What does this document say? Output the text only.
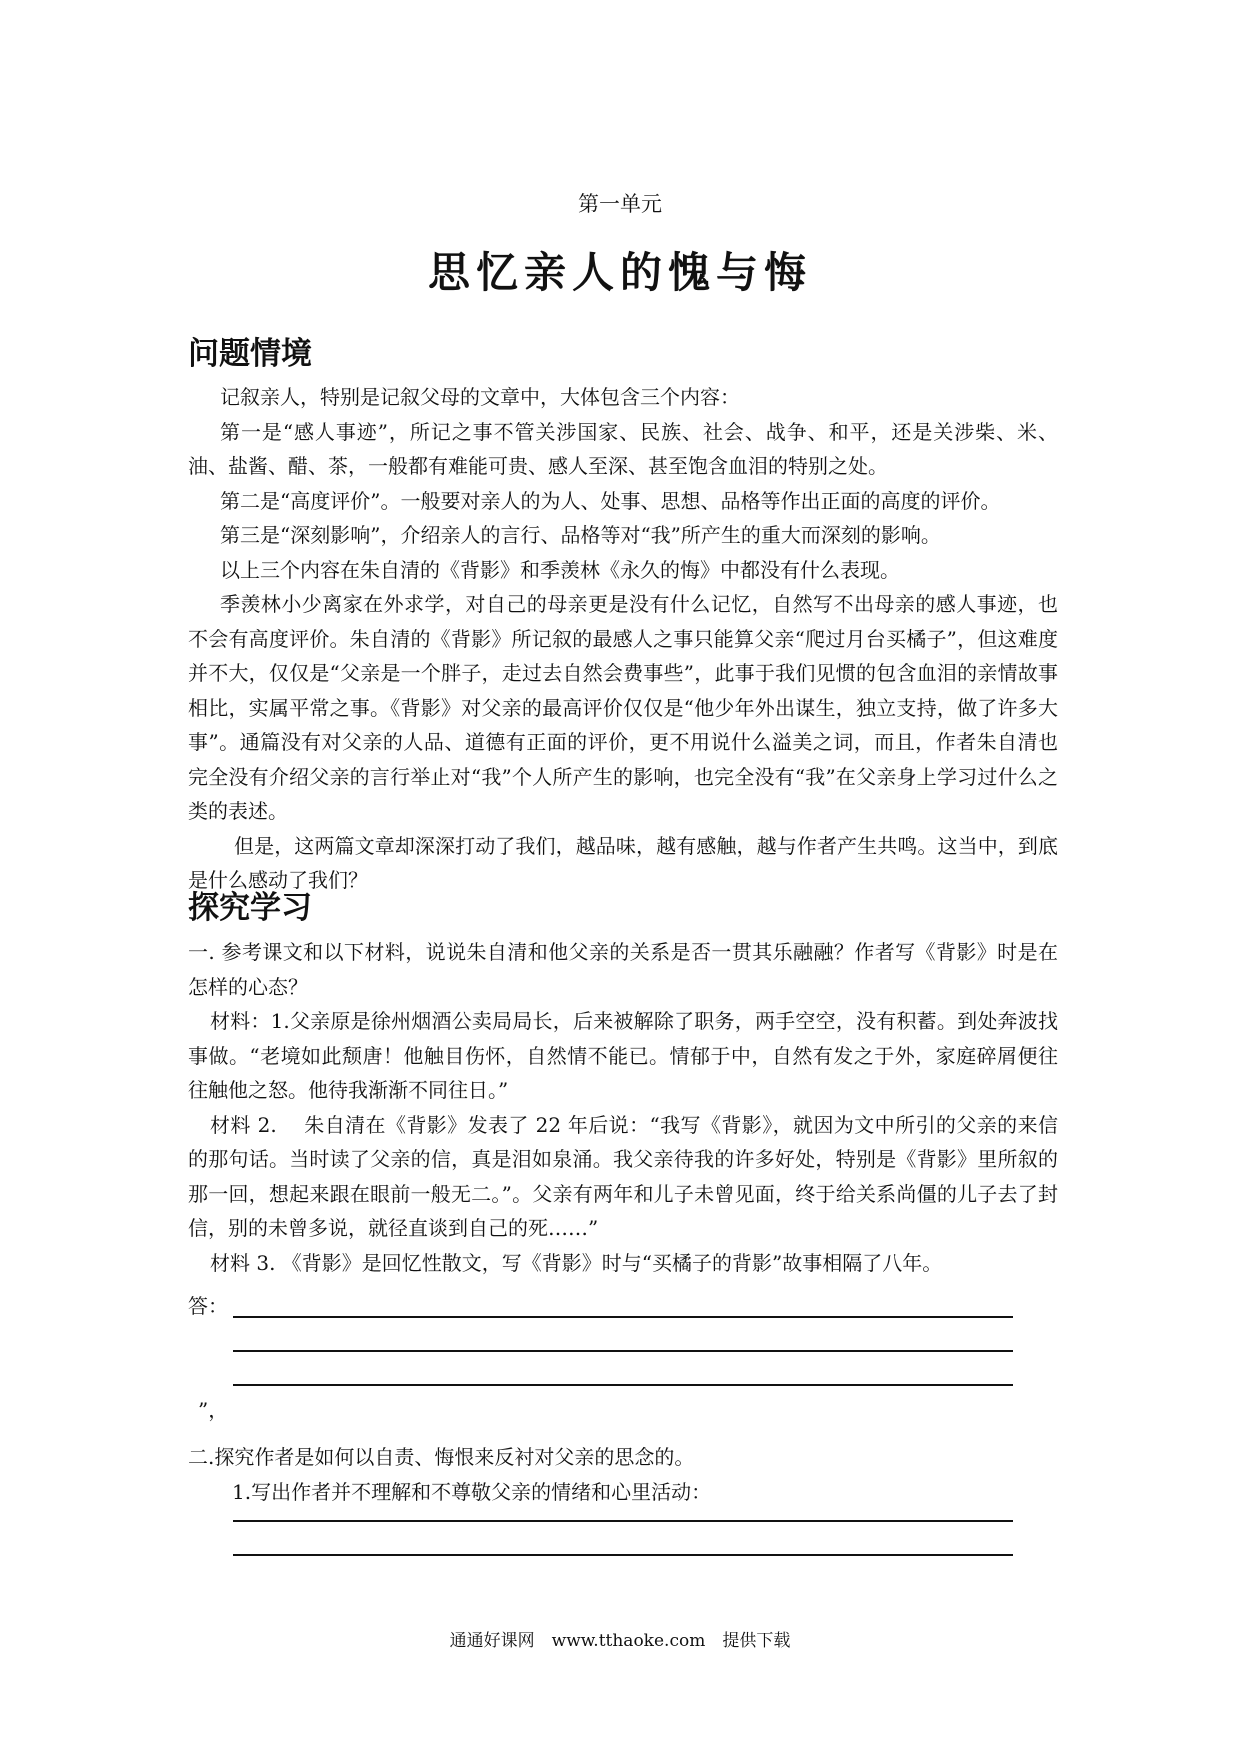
第一单元
思忆亲人的愧与悔
问题情境

记叙亲人，特别是记叙父母的文章中，大体包含三个内容：

第一是“感人事迹”，所记之事不管关涉国家、民族、社会、战争、和平，还是关涉柴、米、油、盐酱、醋、茶，一般都有难能可贵、感人至深、甚至饱含血泪的特别之处。

第二是“高度评价”。一般要对亲人的为人、处事、思想、品格等作出正面的高度的评价。

第三是“深刻影响”，介绍亲人的言行、品格等对“我”所产生的重大而深刻的影响。

以上三个内容在朱自清的《背影》和季羡林《永久的悔》中都没有什么表现。

季羡林小少离家在外求学，对自己的母亲更是没有什么记忆，自然写不出母亲的感人事迹，也不会有高度评价。朱自清的《背影》所记叙的最感人之事只能算父亲“爬过月台买橘子”，但这难度并不大，仅仅是“父亲是一个胖子，走过去自然会费事些”，此事于我们见惯的包含血泪的亲情故事相比，实属平常之事。《背影》对父亲的最高评价仅仅是“他少年外出谋生，独立支持，做了许多大事”。通篇没有对父亲的人品、道德有正面的评价，更不用说什么溢美之词，而且，作者朱自清也完全没有介绍父亲的言行举止对“我”个人所产生的影响，也完全没有“我”在父亲身上学习过什么之类的表述。

但是，这两篇文章却深深打动了我们，越品味，越有感触，越与作者产生共鸣。这当中，到底是什么感动了我们？

探究学习

一. 参考课文和以下材料，说说朱自清和他父亲的关系是否一贯其乐融融？作者写《背影》时是在怎样的心态？

材料：1.父亲原是徐州烟酒公卖局局长，后来被解除了职务，两手空空，没有积蓄。到处奔波找事做。“老境如此颓唐！他触目伤怀，自然情不能已。情郁于中，自然有发之于外，家庭碎屑便往往触他之怒。他待我渐渐不同往日。”

材料 2.　 朱自清在《背影》发表了 22 年后说：“我写《背影》，就因为文中所引的父亲的来信的那句话。当时读了父亲的信，真是泪如泉涌。我父亲待我的许多好处，特别是《背影》里所叙的那一回，想起来跟在眼前一般无二。”。父亲有两年和儿子未曾见面，终于给关系尚僵的儿子去了封信，别的未曾多说，就径直谈到自己的死……”

材料 3. 《背影》是回忆性散文，写《背影》时与“买橘子的背影”故事相隔了八年。

答：
”，
二.探究作者是如何以自责、悔恨来反衬对父亲的思念的。
1.写出作者并不理解和不尊敬父亲的情绪和心里活动：
通通好课网　www.tthaoke.com　提供下载
